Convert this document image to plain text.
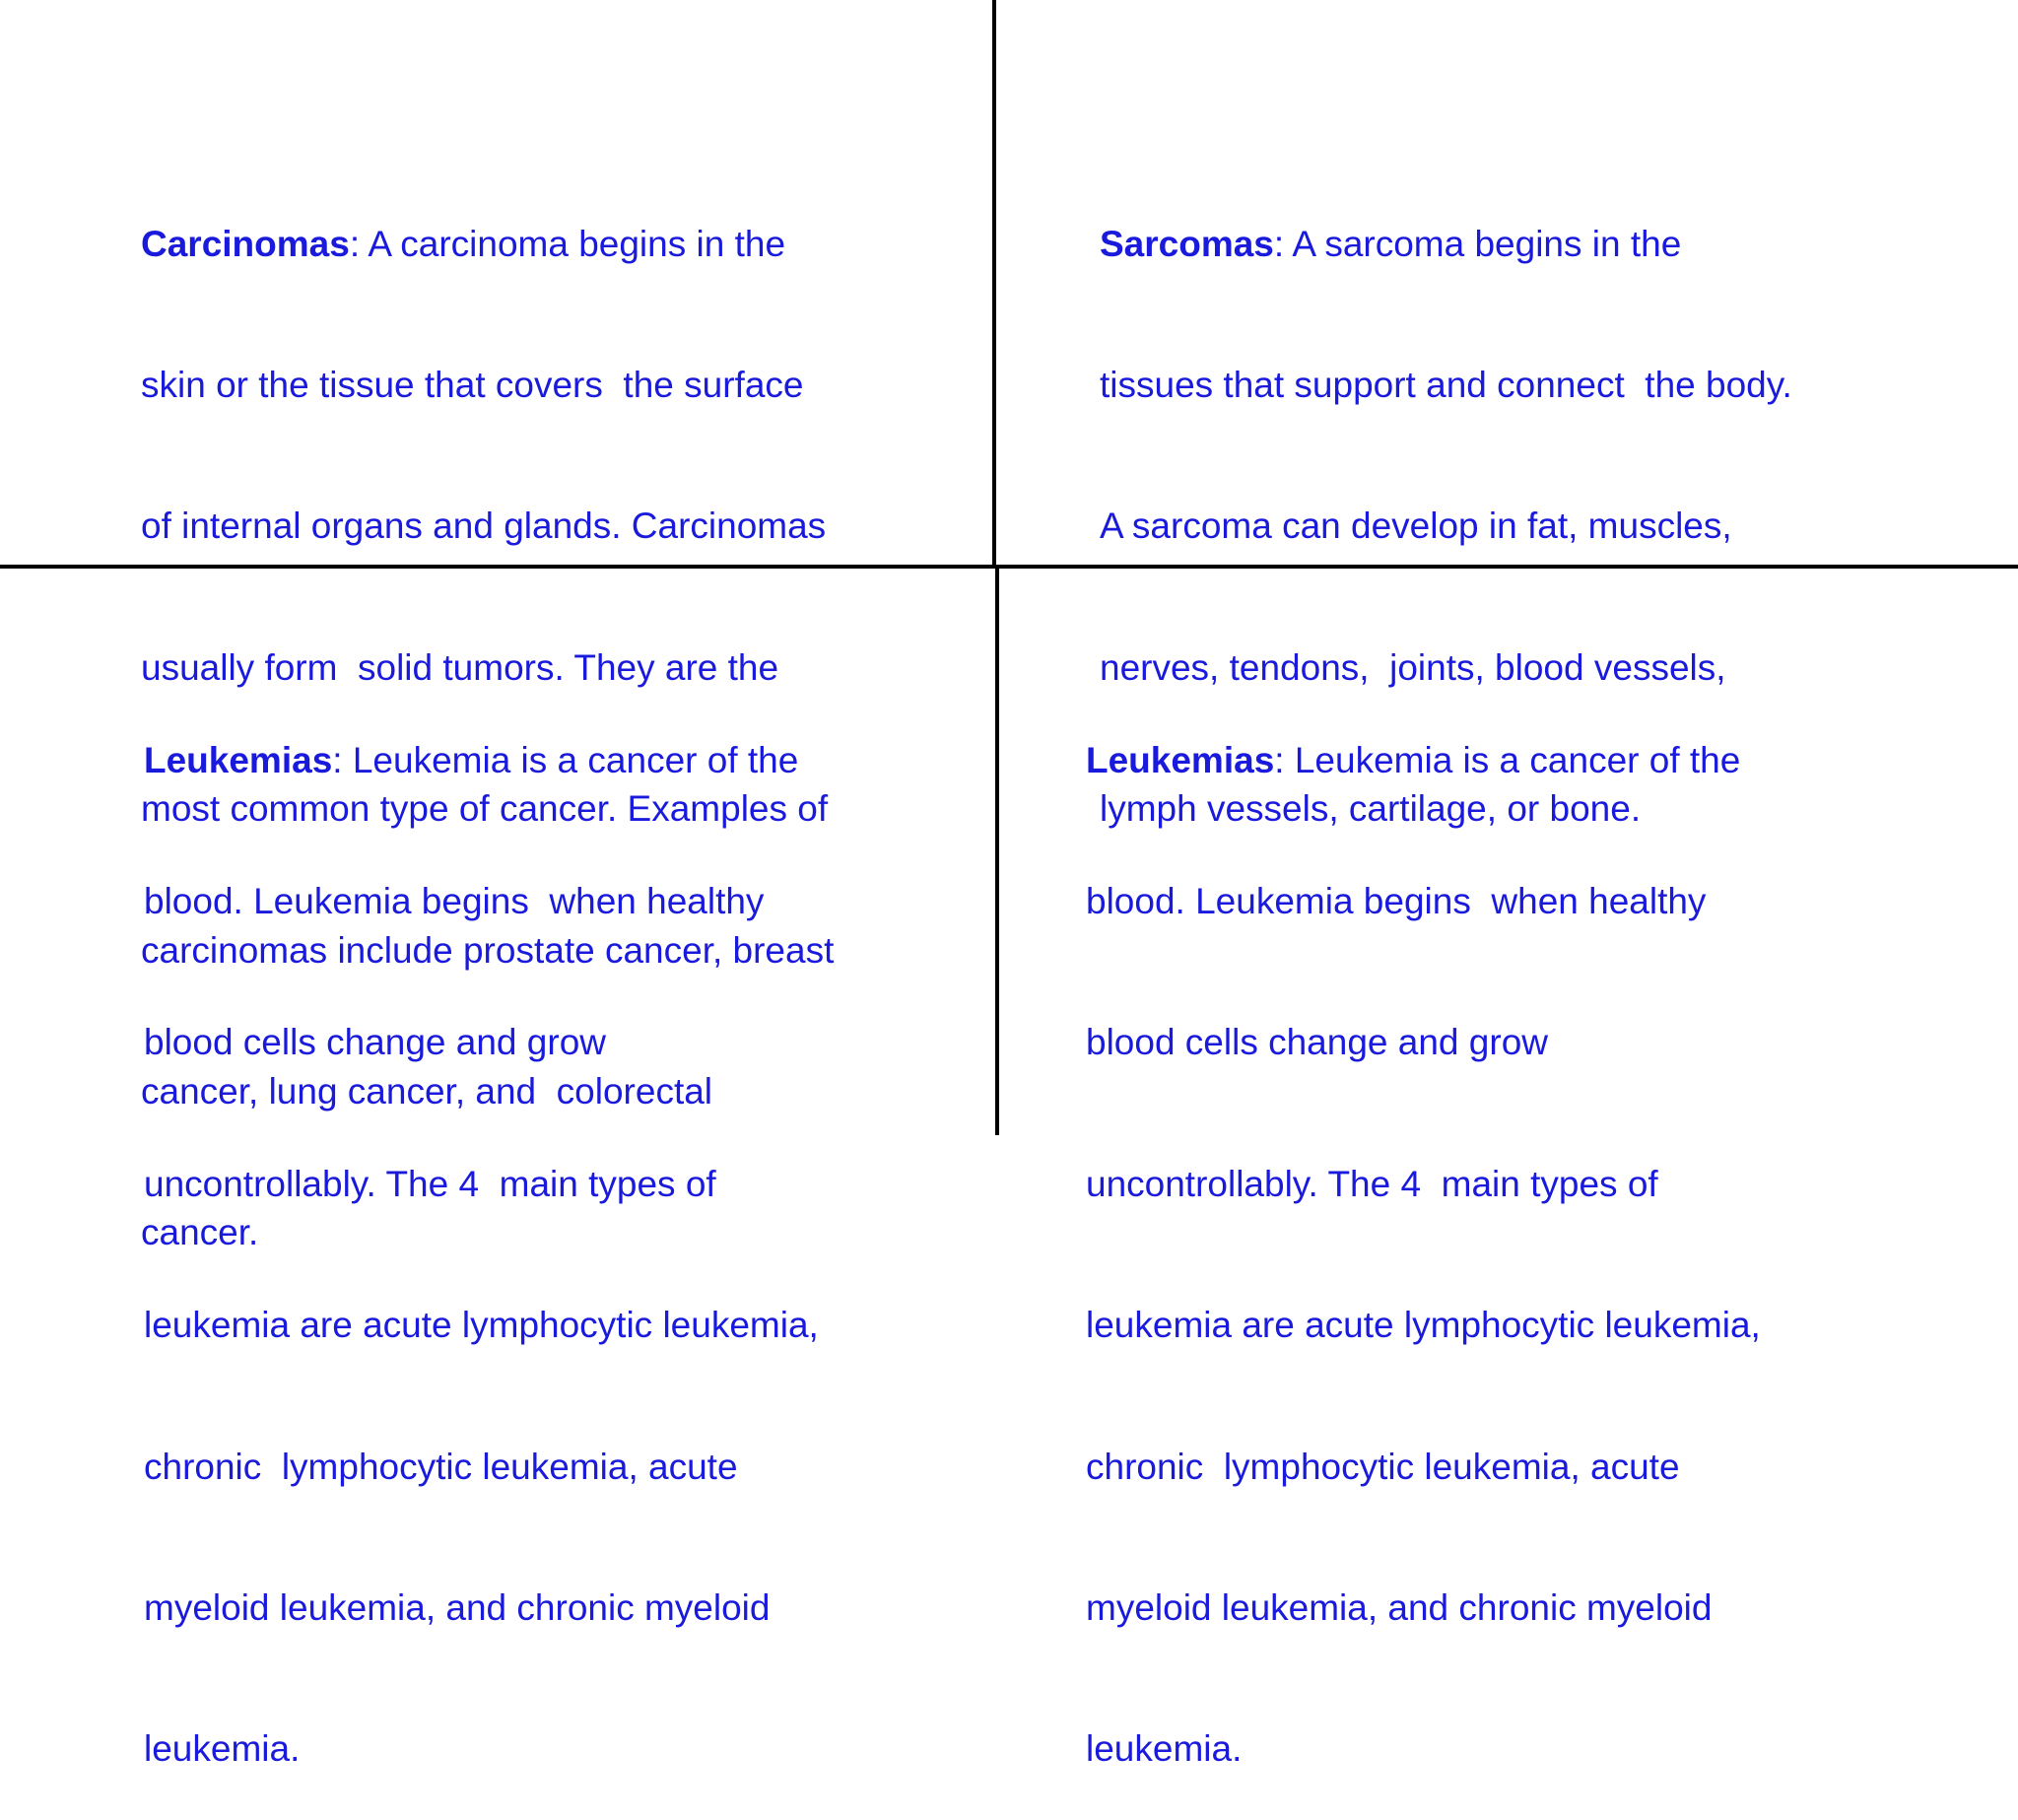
Carcinomas: A carcinoma begins in the

skin or the tissue that covers  the surface

of internal organs and glands. Carcinomas

usually form  solid tumors. They are the

most common type of cancer. Examples of

carcinomas include prostate cancer, breast

cancer, lung cancer, and  colorectal

cancer.

Sarcomas: A sarcoma begins in the

tissues that support and connect  the body.

A sarcoma can develop in fat, muscles,

nerves, tendons,  joints, blood vessels,

lymph vessels, cartilage, or bone.

Leukemias: Leukemia is a cancer of the

blood. Leukemia begins  when healthy

blood cells change and grow

uncontrollably. The 4  main types of

leukemia are acute lymphocytic leukemia,

chronic  lymphocytic leukemia, acute

myeloid leukemia, and chronic myeloid

leukemia.

Leukemias: Leukemia is a cancer of the

blood. Leukemia begins  when healthy

blood cells change and grow

uncontrollably. The 4  main types of

leukemia are acute lymphocytic leukemia,

chronic  lymphocytic leukemia, acute

myeloid leukemia, and chronic myeloid

leukemia.
